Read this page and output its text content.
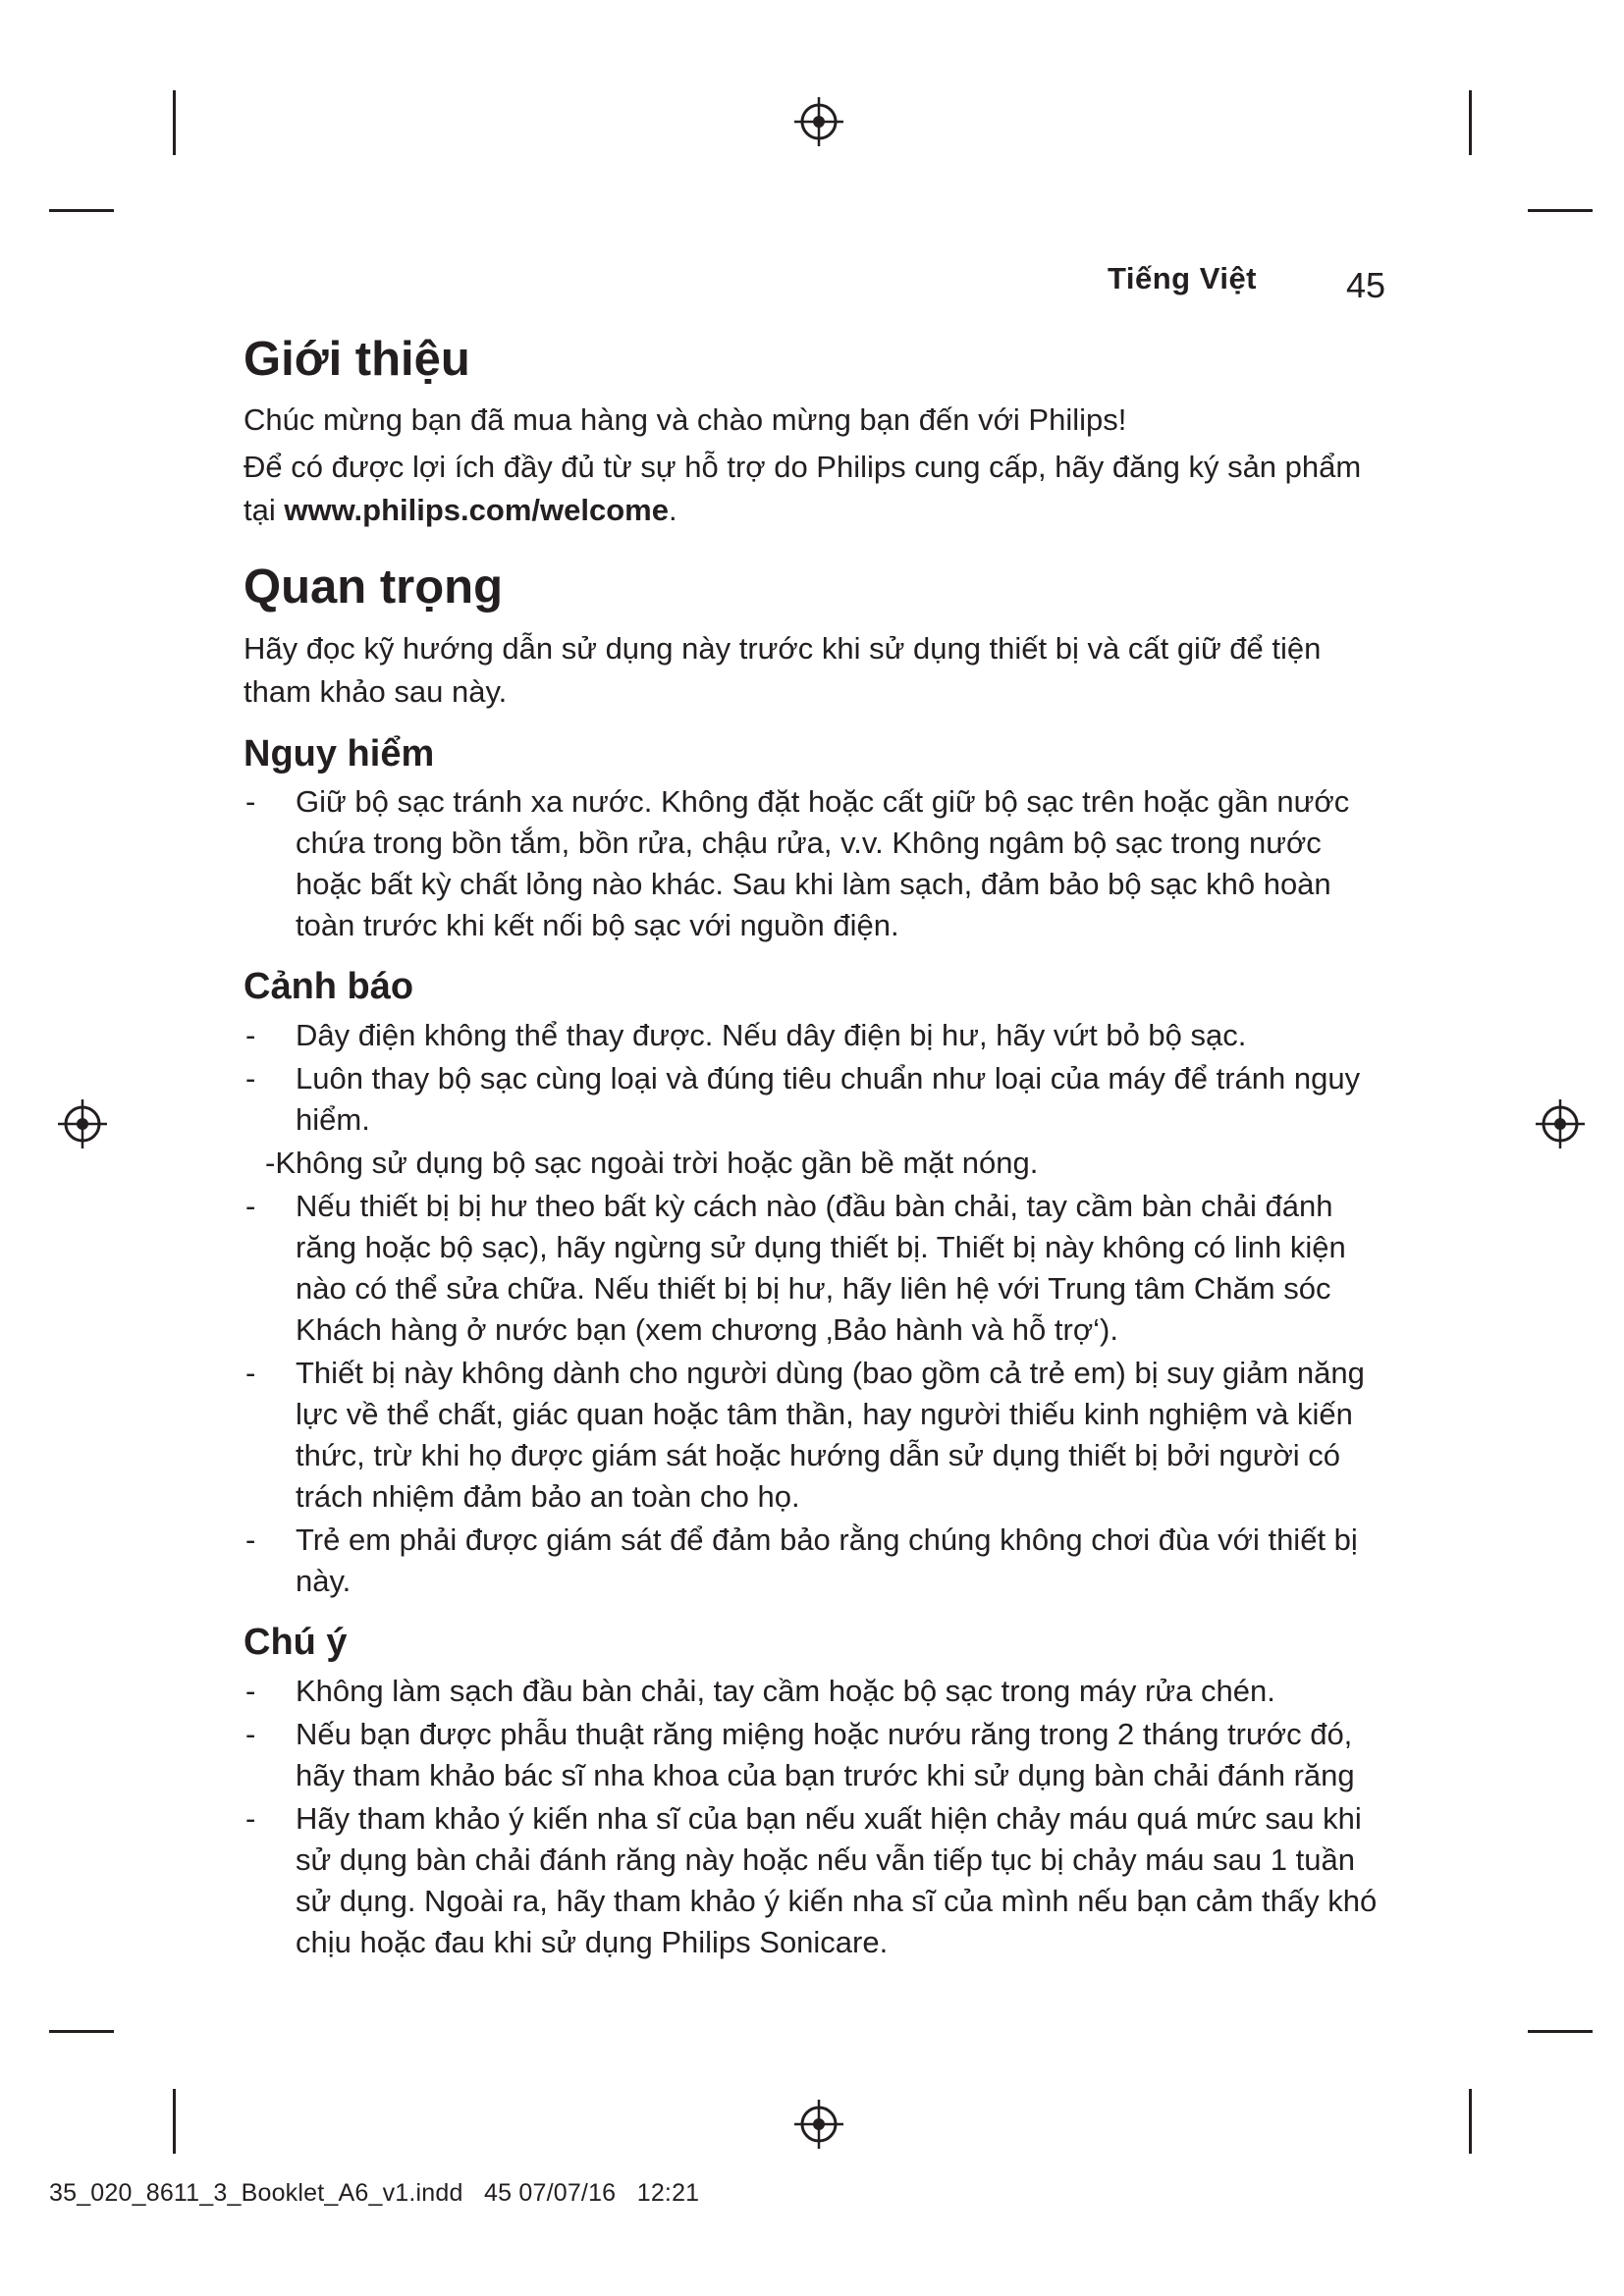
Tiếng Việt	45
Giới thiệu

Chúc mừng bạn đã mua hàng và chào mừng bạn đến với Philips!

Để có được lợi ích đầy đủ từ sự hỗ trợ do Philips cung cấp, hãy đăng ký sản phẩm tại www.philips.com/welcome.

Quan trọng

Hãy đọc kỹ hướng dẫn sử dụng này trước khi sử dụng thiết bị và cất giữ để tiện tham khảo sau này.

Nguy hiểm
- Giữ bộ sạc tránh xa nước. Không đặt hoặc cất giữ bộ sạc trên hoặc gần nước chứa trong bồn tắm, bồn rửa, chậu rửa, v.v. Không ngâm bộ sạc trong nước hoặc bất kỳ chất lỏng nào khác. Sau khi làm sạch, đảm bảo bộ sạc khô hoàn toàn trước khi kết nối bộ sạc với nguồn điện.
Cảnh báo
- Dây điện không thể thay được. Nếu dây điện bị hư, hãy vứt bỏ bộ sạc.
- Luôn thay bộ sạc cùng loại và đúng tiêu chuẩn như loại của máy để tránh nguy hiểm.
-Không sử dụng bộ sạc ngoài trời hoặc gần bề mặt nóng.
- Nếu thiết bị bị hư theo bất kỳ cách nào (đầu bàn chải, tay cầm bàn chải đánh răng hoặc bộ sạc), hãy ngừng sử dụng thiết bị. Thiết bị này không có linh kiện nào có thể sửa chữa. Nếu thiết bị bị hư, hãy liên hệ với Trung tâm Chăm sóc Khách hàng ở nước bạn (xem chương ‚Bảo hành và hỗ trợ‘).
- Thiết bị này không dành cho người dùng (bao gồm cả trẻ em) bị suy giảm năng lực về thể chất, giác quan hoặc tâm thần, hay người thiếu kinh nghiệm và kiến thức, trừ khi họ được giám sát hoặc hướng dẫn sử dụng thiết bị bởi người có trách nhiệm đảm bảo an toàn cho họ.
- Trẻ em phải được giám sát để đảm bảo rằng chúng không chơi đùa với thiết bị này.
Chú ý
- Không làm sạch đầu bàn chải, tay cầm hoặc bộ sạc trong máy rửa chén.
- Nếu bạn được phẫu thuật răng miệng hoặc nướu răng trong 2 tháng trước đó, hãy tham khảo bác sĩ nha khoa của bạn trước khi sử dụng bàn chải đánh răng
- Hãy tham khảo ý kiến nha sĩ của bạn nếu xuất hiện chảy máu quá mức sau khi sử dụng bàn chải đánh răng này hoặc nếu vẫn tiếp tục bị chảy máu sau 1 tuần sử dụng. Ngoài ra, hãy tham khảo ý kiến nha sĩ của mình nếu bạn cảm thấy khó chịu hoặc đau khi sử dụng Philips Sonicare.
35_020_8611_3_Booklet_A6_v1.indd   45 07/07/16   12:21
